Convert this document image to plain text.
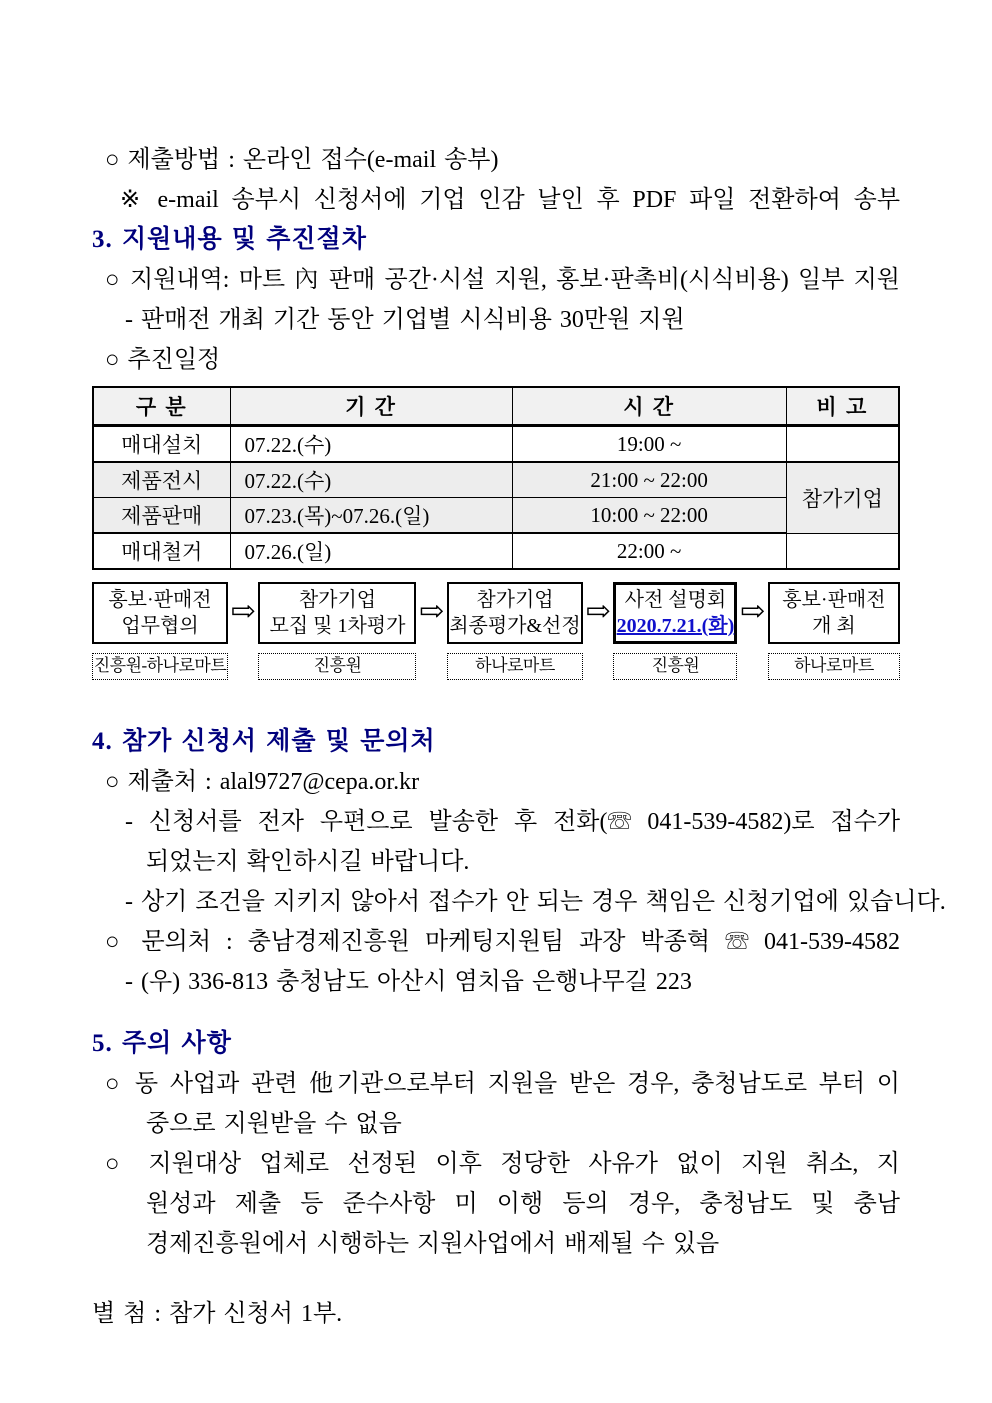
○ 제출방법 : 온라인 접수(e-mail 송부)
※ e-mail 송부시 신청서에 기업 인감 날인 후 PDF 파일 전환하여 송부
3. 지원내용 및 추진절차
○ 지원내역: 마트 內 판매 공간·시설 지원, 홍보·판촉비(시식비용) 일부 지원
- 판매전 개최 기간 동안 기업별 시식비용 30만원 지원
○ 추진일정
구 분	기 간	시 간	비 고
매대설치	07.22.(수)	19:00 ~	
제품전시	07.22.(수)	21:00 ~ 22:00	참가기업
제품판매	07.23.(목)~07.26.(일)	10:00 ~ 22:00	
매대철거	07.26.(일)	22:00 ~	
홍보·판매전
업무협의
진흥원-하나로마트
⇨ 참가기업
모집 및 1차평가
진흥원
⇨ 참가기업
최종평가&선정
하나로마트
⇨ 사전 설명회
2020.7.21.(화)
진흥원
⇨ 홍보·판매전
개 최
하나로마트
4. 참가 신청서 제출 및 문의처
○ 제출처 : alal9727@cepa.or.kr
- 신청서를 전자 우편으로 발송한 후 전화(☏ 041-539-4582)로 접수가
되었는지 확인하시길 바랍니다.
- 상기 조건을 지키지 않아서 접수가 안 되는 경우 책임은 신청기업에 있습니다.
○ 문의처 : 충남경제진흥원 마케팅지원팀 과장 박종혁 ☏ 041-539-4582
- (우) 336-813 충청남도 아산시 염치읍 은행나무길 223
5. 주의 사항
○ 동 사업과 관련 他기관으로부터 지원을 받은 경우, 충청남도로 부터 이
중으로 지원받을 수 없음
○ 지원대상 업체로 선정된 이후 정당한 사유가 없이 지원 취소, 지
원성과 제출 등 준수사항 미 이행 등의 경우, 충청남도 및 충남
경제진흥원에서 시행하는 지원사업에서 배제될 수 있음
별 첨 : 참가 신청서 1부.
